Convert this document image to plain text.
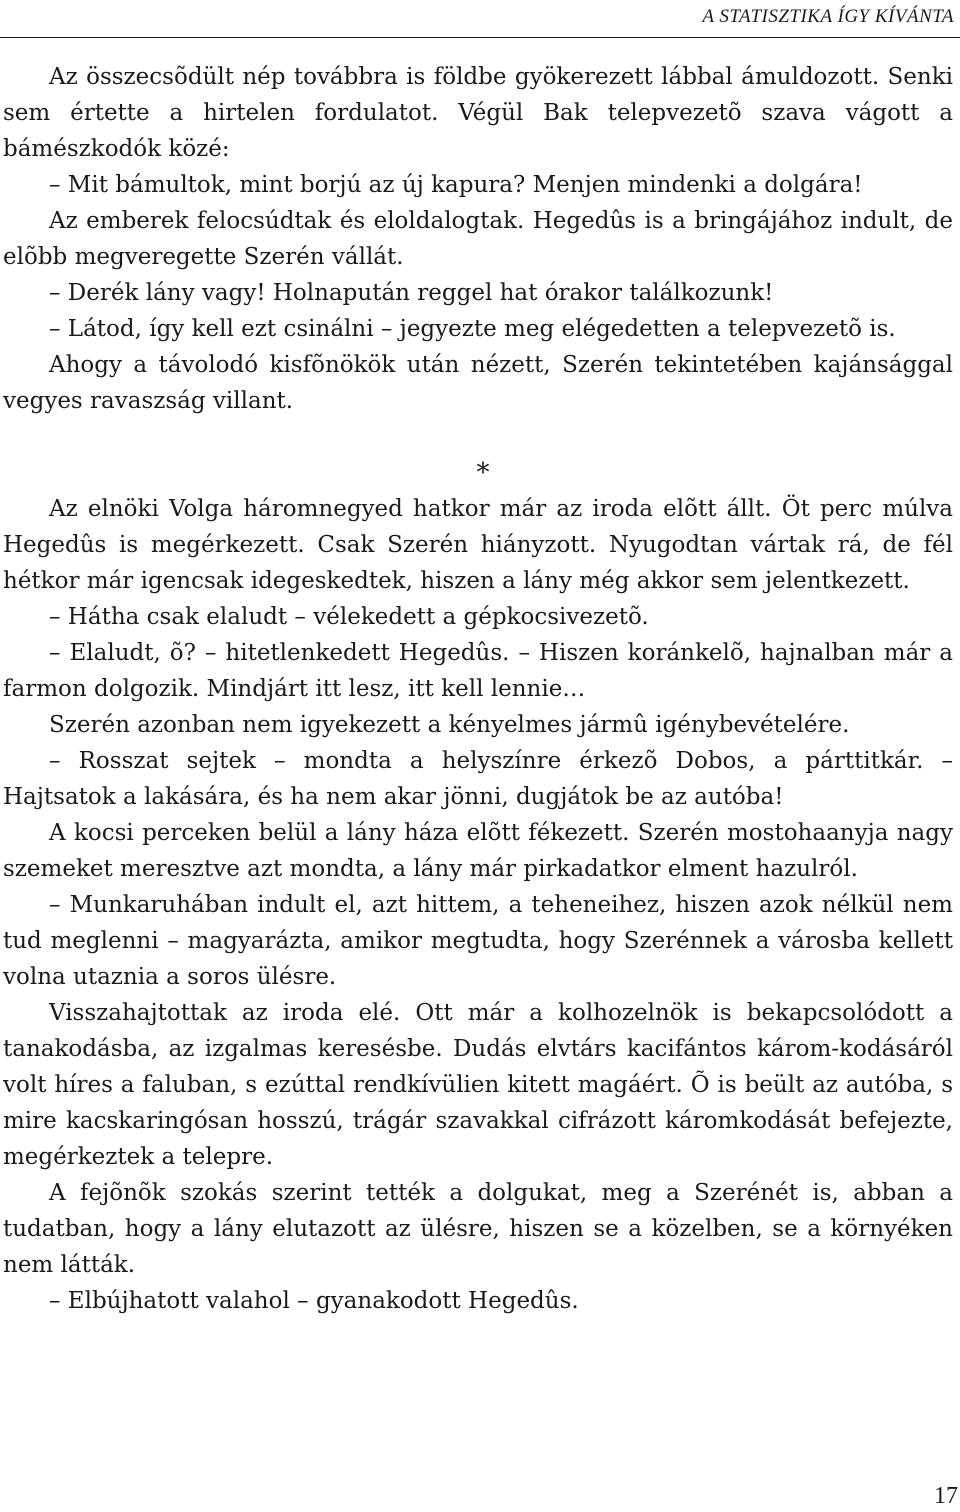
A STATISZTIKA ÍGY KÍVÁNTA

Az összecsõdült nép továbbra is földbe gyökerezett lábbal ámuldozott. Senki sem értette a hirtelen fordulatot. Végül Bak telepvezetõ szava vágott a bámészkodók közé:

– Mit bámultok, mint borjú az új kapura? Menjen mindenki a dolgára!

Az emberek felocsúdtak és eloldalogtak. Hegedûs is a bringájához indult, de elõbb megveregette Szerén vállát.

– Derék lány vagy! Holnapután reggel hat órakor találkozunk!

– Látod, így kell ezt csinálni – jegyezte meg elégedetten a telepvezetõ is.

Ahogy a távolodó kisfõnökök után nézett, Szerén tekintetében kajánsággal vegyes ravaszság villant.

*

Az elnöki Volga háromnegyed hatkor már az iroda elõtt állt. Öt perc múlva Hegedûs is megérkezett. Csak Szerén hiányzott. Nyugodtan vártak rá, de fél hétkor már igencsak idegeskedtek, hiszen a lány még akkor sem jelentkezett.

– Hátha csak elaludt – vélekedett a gépkocsivezetõ.

– Elaludt, õ? – hitetlenkedett Hegedûs. – Hiszen koránkelõ, hajnalban már a farmon dolgozik. Mindjárt itt lesz, itt kell lennie…

Szerén azonban nem igyekezett a kényelmes jármû igénybevételére.

– Rosszat sejtek – mondta a helyszínre érkezõ Dobos, a párttitkár. – Hajtsatok a lakására, és ha nem akar jönni, dugjátok be az autóba!

A kocsi perceken belül a lány háza elõtt fékezett. Szerén mostohaanyja nagy szemeket meresztve azt mondta, a lány már pirkadatkor elment hazulról.

– Munkaruhában indult el, azt hittem, a teheneihez, hiszen azok nélkül nem tud meglenni – magyarázta, amikor megtudta, hogy Szerénnek a városba kellett volna utaznia a soros ülésre.

Visszahajtottak az iroda elé. Ott már a kolhozelnök is bekapcsolódott a tanakodásba, az izgalmas keresésbe. Dudás elvtárs kacifántos károm-kodásáról volt híres a faluban, s ezúttal rendkívülien kitett magáért. Õ is beült az autóba, s mire kacskaringósan hosszú, trágár szavakkal cifrázott káromkodását befejezte, megérkeztek a telepre.

A fejõnõk szokás szerint tették a dolgukat, meg a Szerénét is, abban a tudatban, hogy a lány elutazott az ülésre, hiszen se a közelben, se a környéken nem látták.

– Elbújhatott valahol – gyanakodott Hegedûs.

17
